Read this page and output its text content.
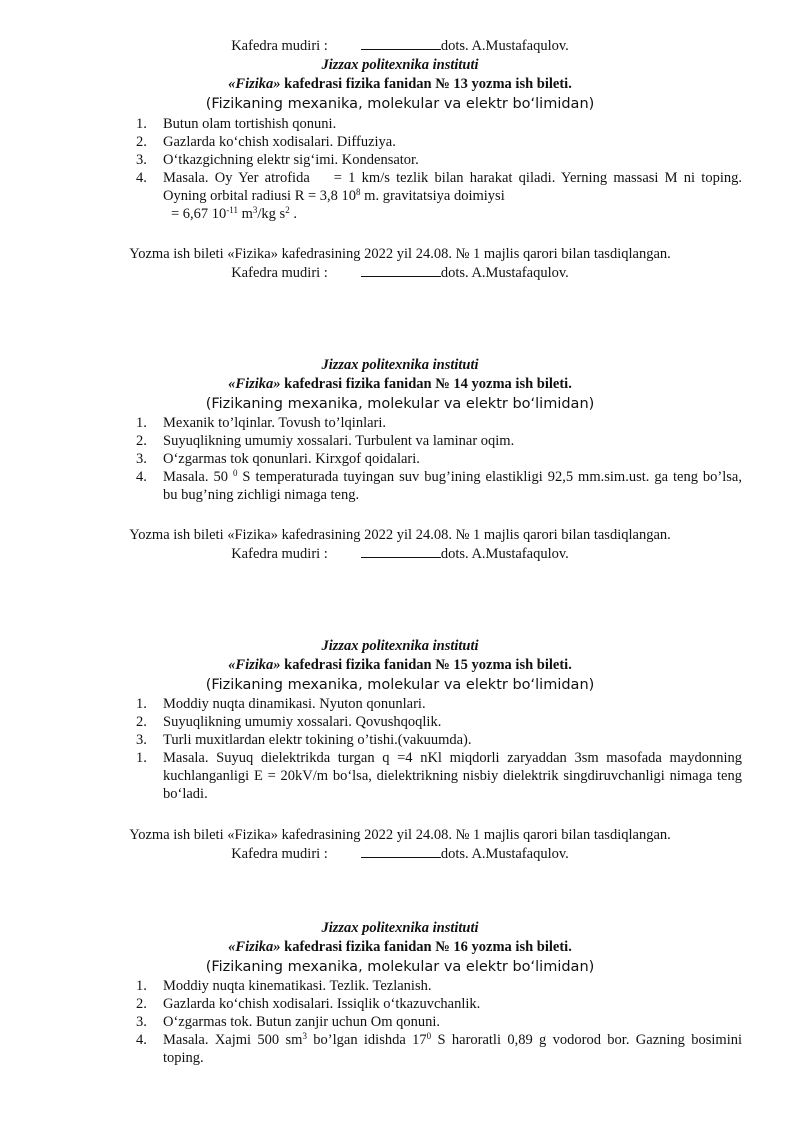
Kafedra mudiri :	dots. A.Mustafaqulov.
Jizzax politexnika instituti
«Fizika» kafedrasi fizika fanidan № 13 yozma ish bileti.
(Fizikaning mexanika, molekular va elektr bo‘limidan)
1. Butun olam tortishish qonuni.
2. Gazlarda ko‘chish xodisalari. Diffuziya.
3. O‘tkazgichning elektr sig‘imi. Kondensator.
4. Masala. Oy Yer atrofida = 1 km/s tezlik bilan harakat qiladi. Yerning massasi M ni toping. Oyning orbital radiusi R = 3,8 $10^8$ m. gravitatsiya doimiysi
= 6,67 $10^{-11}$ $m^3/kg$ $s^2$ .
Yozma ish bileti «Fizika» kafedrasining 2022 yil 24.08. № 1 majlis qarori bilan tasdiqlangan.
Kafedra mudiri :	dots. A.Mustafaqulov.
Jizzax politexnika instituti
«Fizika» kafedrasi fizika fanidan № 14 yozma ish bileti.
(Fizikaning mexanika, molekular va elektr bo‘limidan)
1. Mexanik to’lqinlar. Tovush to’lqinlari.
2. Suyuqlikning umumiy xossalari. Turbulent va laminar oqim.
3. O‘zgarmas tok qonunlari. Kirxgof qoidalari.
4. Masala. 50 $^0$ S temperaturada tuyingan suv bug’ining elastikligi 92,5 mm.sim.ust. ga teng bo’lsa, bu bug’ning zichligi nimaga teng.
Yozma ish bileti «Fizika» kafedrasining 2022 yil 24.08. № 1 majlis qarori bilan tasdiqlangan.
Kafedra mudiri :	dots. A.Mustafaqulov.
Jizzax politexnika instituti
«Fizika» kafedrasi fizika fanidan № 15 yozma ish bileti.
(Fizikaning mexanika, molekular va elektr bo‘limidan)
1. Moddiy nuqta dinamikasi. Nyuton qonunlari.
2. Suyuqlikning umumiy xossalari. Qovushqoqlik.
3. Turli muxitlardan elektr tokining o’tishi.(vakuumda).
1. Masala. Suyuq dielektrikda turgan q =4 nKl miqdorli zaryaddan 3sm masofada maydonning kuchlanganligi E = 20kV/m bo‘lsa, dielektrikning nisbiy dielektrik singdiruvchanligi nimaga teng bo‘ladi.
Yozma ish bileti «Fizika» kafedrasining 2022 yil 24.08. № 1 majlis qarori bilan tasdiqlangan.
Kafedra mudiri :	dots. A.Mustafaqulov.
Jizzax politexnika instituti
«Fizika» kafedrasi fizika fanidan № 16 yozma ish bileti.
(Fizikaning mexanika, molekular va elektr bo‘limidan)
1. Moddiy nuqta kinematikasi. Tezlik. Tezlanish.
2. Gazlarda ko‘chish xodisalari. Issiqlik o‘tkazuvchanlik.
3. O‘zgarmas tok. Butun zanjir uchun Om qonuni.
4. Masala. Xajmi 500 $sm^3$ bo’lgan idishda $17^0$ S haroratli 0,89 g vodorod bor. Gazning bosimini toping.
